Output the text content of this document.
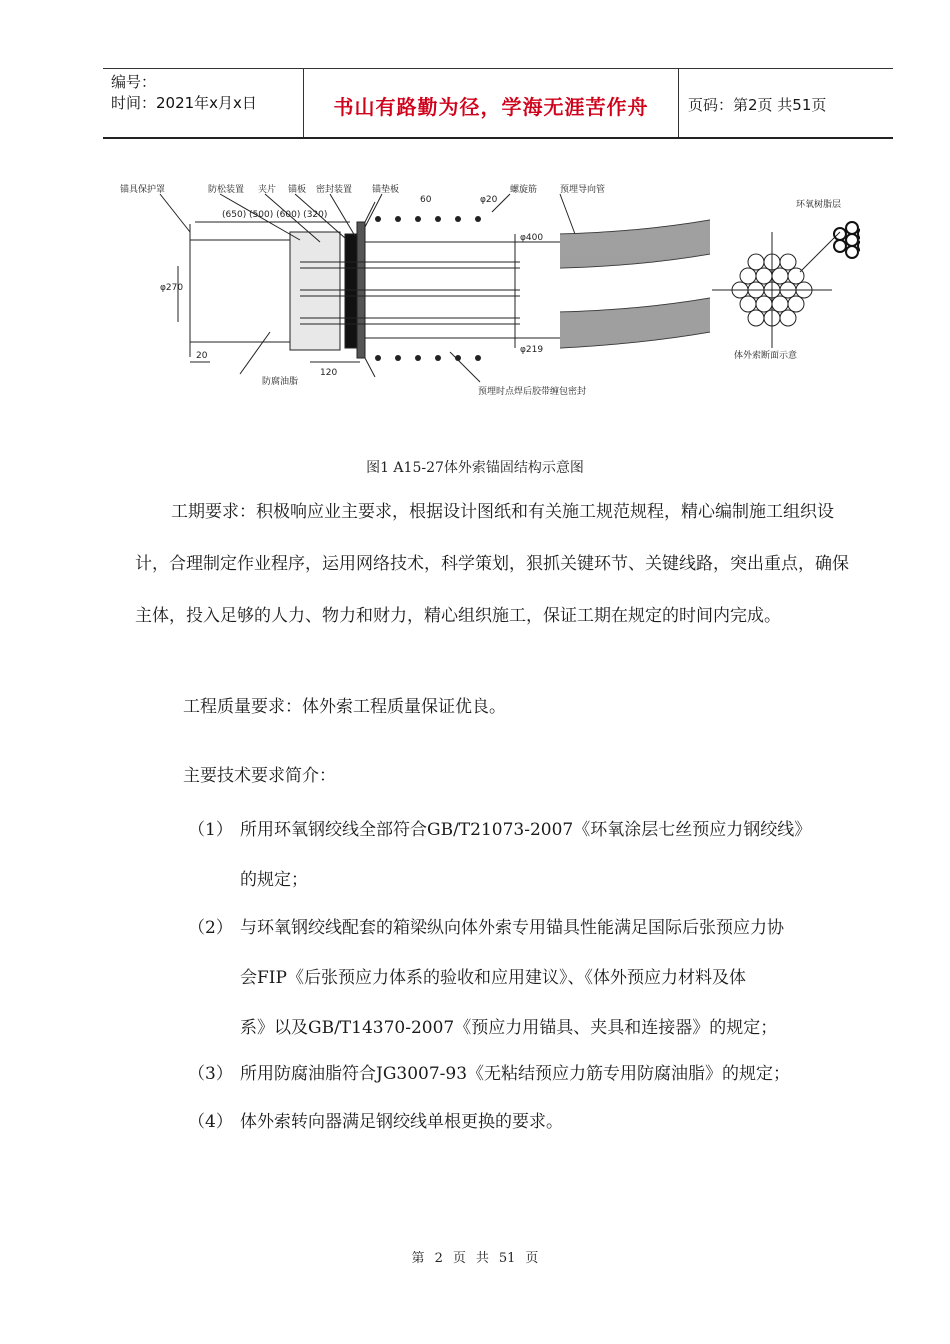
编号：
时间：2021年x月x日	书山有路勤为径，学海无涯苦作舟	页码：第2页 共51页
锚具保护罩	防松装置 夹片 锚板 密封装置 锚垫板	螺旋筋	预埋导向管
(650) (500) (600) (320)
60	φ20
φ400
φ270
φ219
20
120
防腐油脂
预埋时点焊后胶带缠包密封
环氧树脂层
体外索断面示意
图1 A15-27体外索锚固结构示意图
工期要求：积极响应业主要求，根据设计图纸和有关施工规范规程，精心编制施工组织设计，合理制定作业程序，运用网络技术，科学策划，狠抓关键环节、关键线路，突出重点，确保主体，投入足够的人力、物力和财力，精心组织施工，保证工期在规定的时间内完成。
工程质量要求：体外索工程质量保证优良。
主要技术要求简介：
（1） 所用环氧钢绞线全部符合GB/T21073-2007《环氧涂层七丝预应力钢绞线》
的规定；
（2） 与环氧钢绞线配套的箱梁纵向体外索专用锚具性能满足国际后张预应力协
会FIP《后张预应力体系的验收和应用建议》、《体外预应力材料及体
系》以及GB/T14370-2007《预应力用锚具、夹具和连接器》的规定；
（3） 所用防腐油脂符合JG3007-93《无粘结预应力筋专用防腐油脂》的规定；
（4） 体外索转向器满足钢绞线单根更换的要求。
第 2 页 共 51 页
